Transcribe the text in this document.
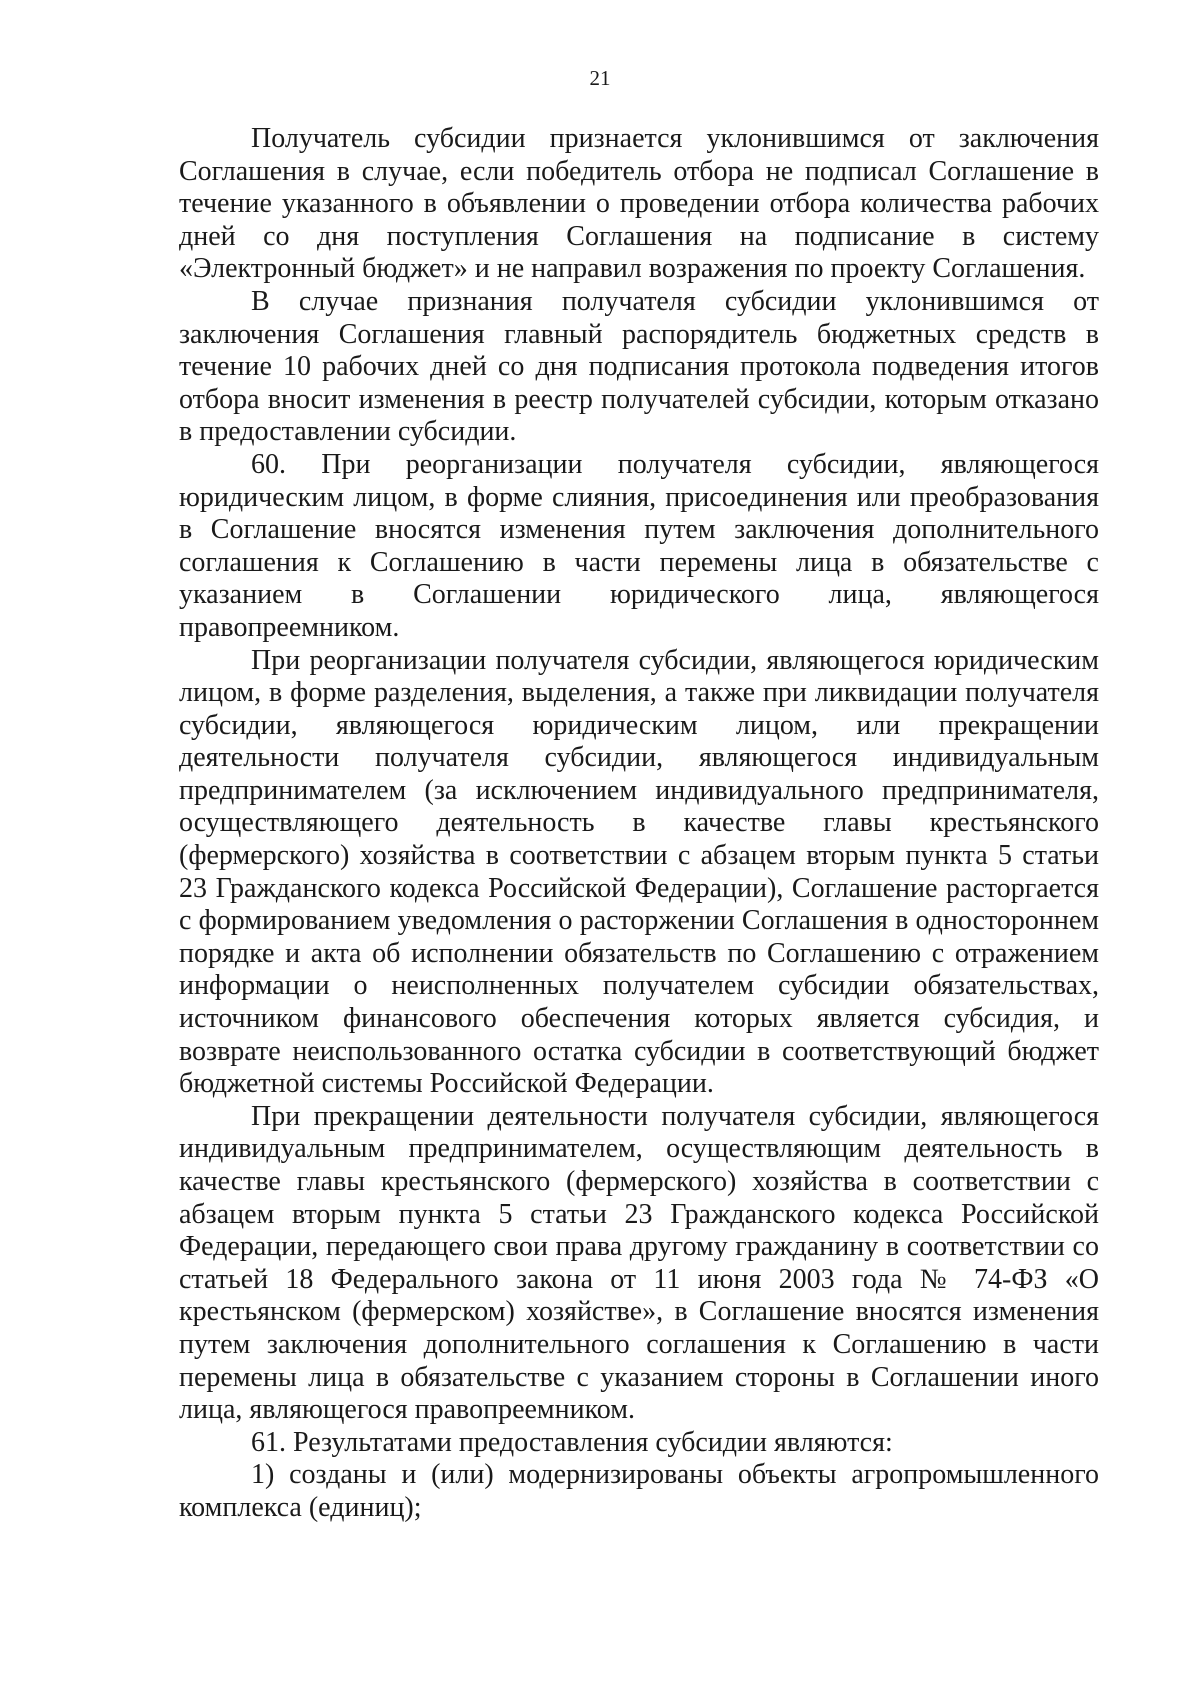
21

Получатель субсидии признается уклонившимся от заключения Соглашения в случае, если победитель отбора не подписал Соглашение в течение указанного в объявлении о проведении отбора количества рабочих дней со дня поступления Соглашения на подписание в систему «Электронный бюджет» и не направил возражения по проекту Соглашения.

В случае признания получателя субсидии уклонившимся от заключения Соглашения главный распорядитель бюджетных средств в течение 10 рабочих дней со дня подписания протокола подведения итогов отбора вносит изменения в реестр получателей субсидии, которым отказано в предоставлении субсидии.

60. При реорганизации получателя субсидии, являющегося юридическим лицом, в форме слияния, присоединения или преобразования в Соглашение вносятся изменения путем заключения дополнительного соглашения к Соглашению в части перемены лица в обязательстве с указанием в Соглашении юридического лица, являющегося правопреемником.

При реорганизации получателя субсидии, являющегося юридическим лицом, в форме разделения, выделения, а также при ликвидации получателя субсидии, являющегося юридическим лицом, или прекращении деятельности получателя субсидии, являющегося индивидуальным предпринимателем (за исключением индивидуального предпринимателя, осуществляющего деятельность в качестве главы крестьянского (фермерского) хозяйства в соответствии с абзацем вторым пункта 5 статьи 23 Гражданского кодекса Российской Федерации), Соглашение расторгается с формированием уведомления о расторжении Соглашения в одностороннем порядке и акта об исполнении обязательств по Соглашению с отражением информации о неисполненных получателем субсидии обязательствах, источником финансового обеспечения которых является субсидия, и возврате неиспользованного остатка субсидии в соответствующий бюджет бюджетной системы Российской Федерации.

При прекращении деятельности получателя субсидии, являющегося индивидуальным предпринимателем, осуществляющим деятельность в качестве главы крестьянского (фермерского) хозяйства в соответствии с абзацем вторым пункта 5 статьи 23 Гражданского кодекса Российской Федерации, передающего свои права другому гражданину в соответствии со статьей 18 Федерального закона от 11 июня 2003 года № 74-ФЗ «О крестьянском (фермерском) хозяйстве», в Соглашение вносятся изменения путем заключения дополнительного соглашения к Соглашению в части перемены лица в обязательстве с указанием стороны в Соглашении иного лица, являющегося правопреемником.

61. Результатами предоставления субсидии являются:

1) созданы и (или) модернизированы объекты агропромышленного комплекса (единиц);
